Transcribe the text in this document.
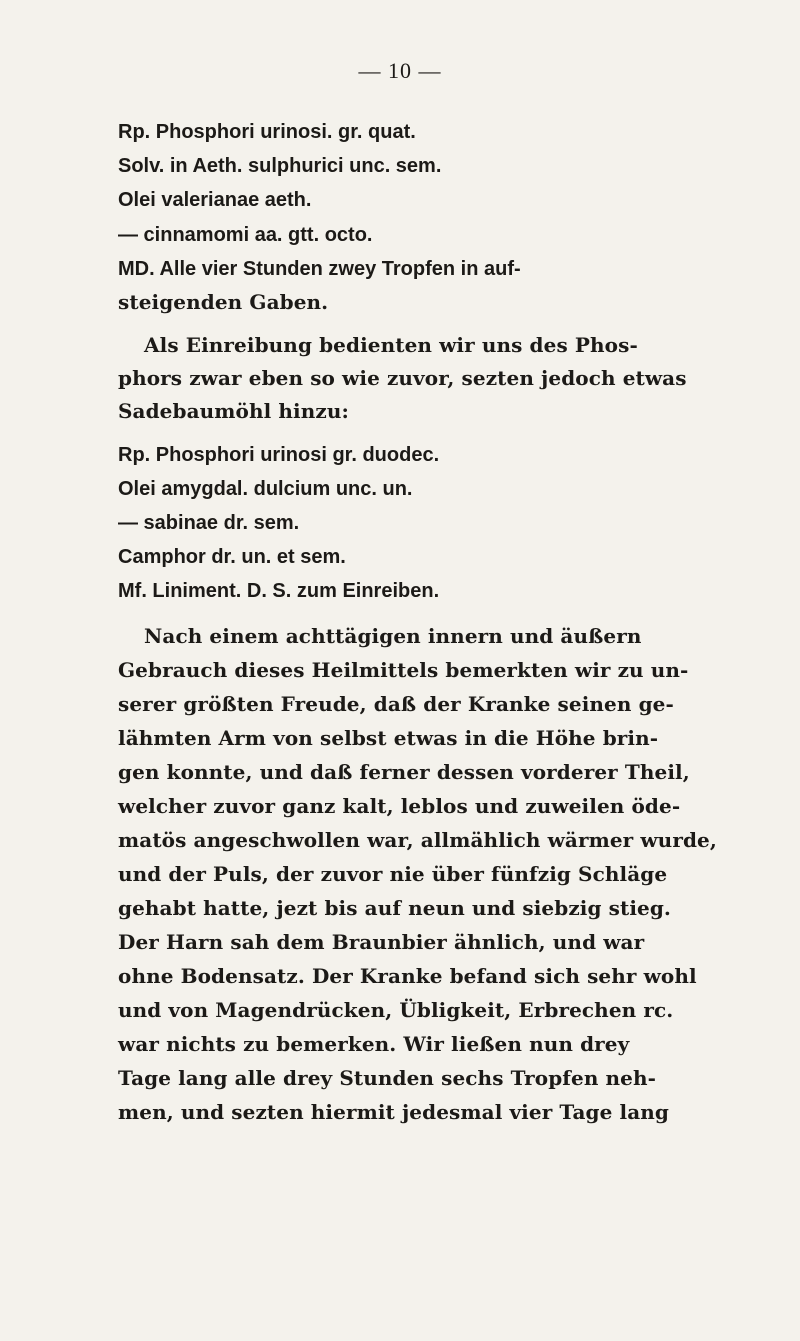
— 10 —
Rp. Phosphori urinosi. gr. quat.
Solv. in Aeth. sulphurici unc. sem.
Olei valerianae aeth.
— cinnamomi aa. gtt. octo.
MD. Alle vier Stunden zwey Tropfen in auf-
steigenden Gaben.
Als Einreibung bedienten wir uns des Phos-
phors zwar eben so wie zuvor, sezten jedoch etwas
Sadebaumöhl hinzu:
Rp. Phosphori urinosi gr. duodec.
Olei amygdal. dulcium unc. un.
— sabinae dr. sem.
Camphor dr. un. et sem.
Mf. Liniment. D. S. zum Einreiben.
Nach einem achttägigen innern und äußern
Gebrauch dieses Heilmittels bemerkten wir zu un-
serer größten Freude, daß der Kranke seinen ge-
lähmten Arm von selbst etwas in die Höhe brin-
gen konnte, und daß ferner dessen vorderer Theil,
welcher zuvor ganz kalt, leblos und zuweilen öde-
matös angeschwollen war, allmählich wärmer wurde,
und der Puls, der zuvor nie über fünfzig Schläge
gehabt hatte, jezt bis auf neun und siebzig stieg.
Der Harn sah dem Braunbier ähnlich, und war
ohne Bodensatz. Der Kranke befand sich sehr wohl
und von Magendrücken, Übligkeit, Erbrechen rc.
war nichts zu bemerken. Wir ließen nun drey
Tage lang alle drey Stunden sechs Tropfen neh-
men, und sezten hiermit jedesmal vier Tage lang
